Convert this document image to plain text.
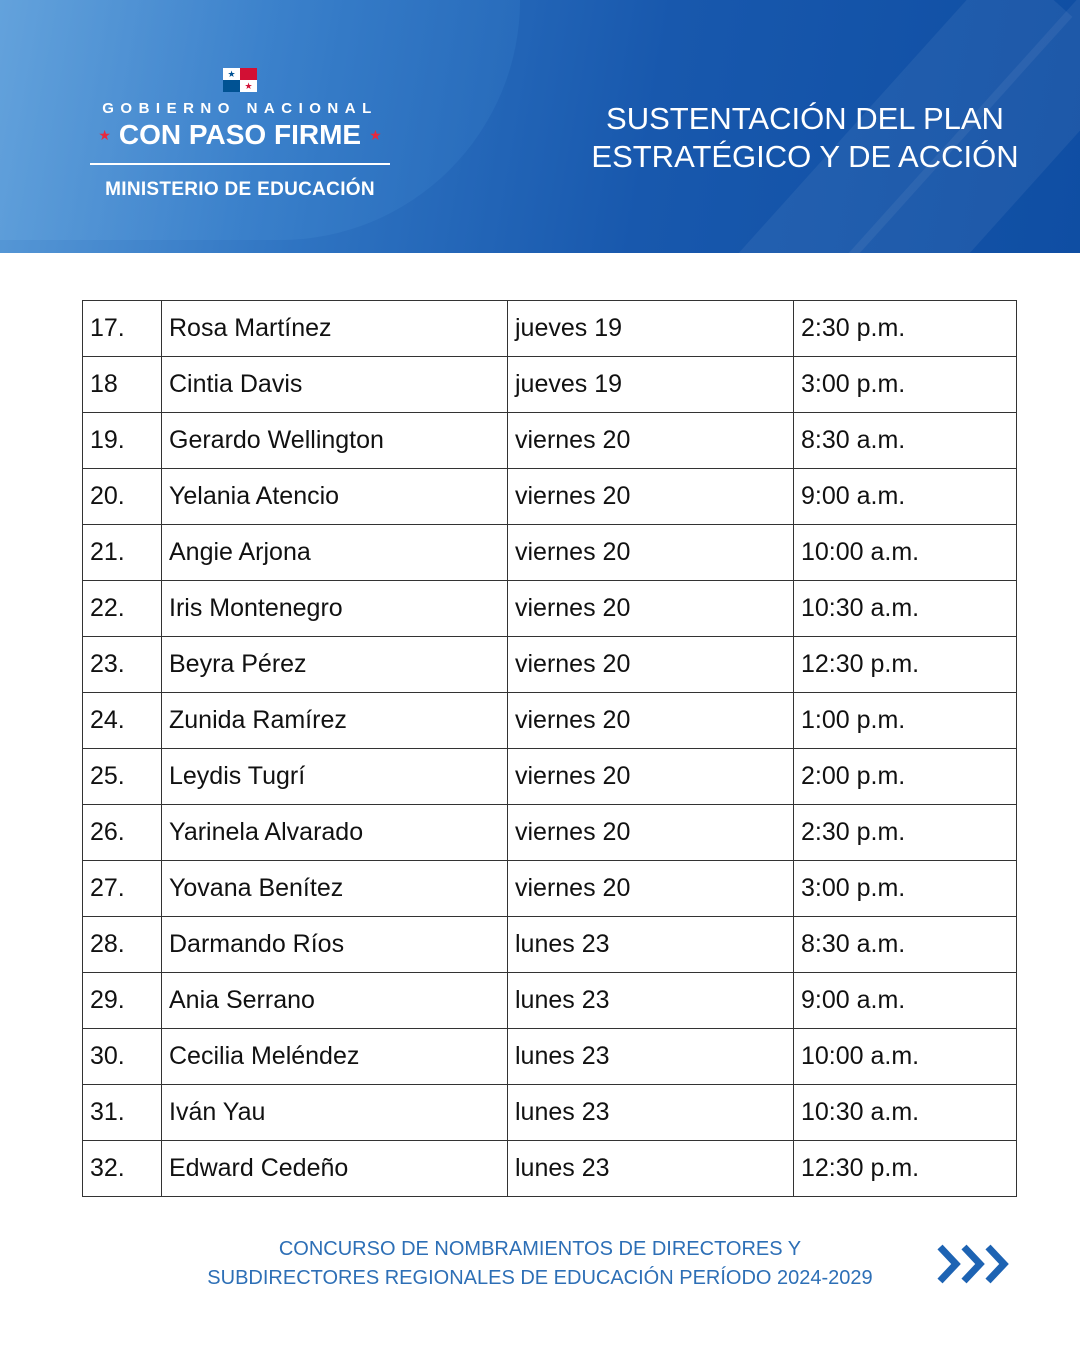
★
★
GOBIERNO NACIONAL
★ CON PASO FIRME ★
MINISTERIO DE EDUCACIÓN
SUSTENTACIÓN DEL PLAN
ESTRATÉGICO Y DE ACCIÓN
17.	Rosa Martínez	jueves 19	2:30 p.m.
18	Cintia Davis	jueves 19	3:00 p.m.
19.	Gerardo Wellington	viernes 20	8:30 a.m.
20.	Yelania Atencio	viernes 20	9:00 a.m.
21.	Angie Arjona	viernes 20	10:00 a.m.
22.	Iris Montenegro	viernes 20	10:30 a.m.
23.	Beyra Pérez	viernes 20	12:30 p.m.
24.	Zunida Ramírez	viernes 20	1:00 p.m.
25.	Leydis Tugrí	viernes 20	2:00 p.m.
26.	Yarinela Alvarado	viernes 20	2:30 p.m.
27.	Yovana Benítez	viernes 20	3:00 p.m.
28.	Darmando Ríos	lunes 23	8:30 a.m.
29.	Ania Serrano	lunes 23	9:00 a.m.
30.	Cecilia Meléndez	lunes 23	10:00 a.m.
31.	Iván Yau	lunes 23	10:30 a.m.
32.	Edward Cedeño	lunes 23	12:30 p.m.
CONCURSO DE NOMBRAMIENTOS DE DIRECTORES Y
SUBDIRECTORES REGIONALES DE EDUCACIÓN PERÍODO 2024-2029
